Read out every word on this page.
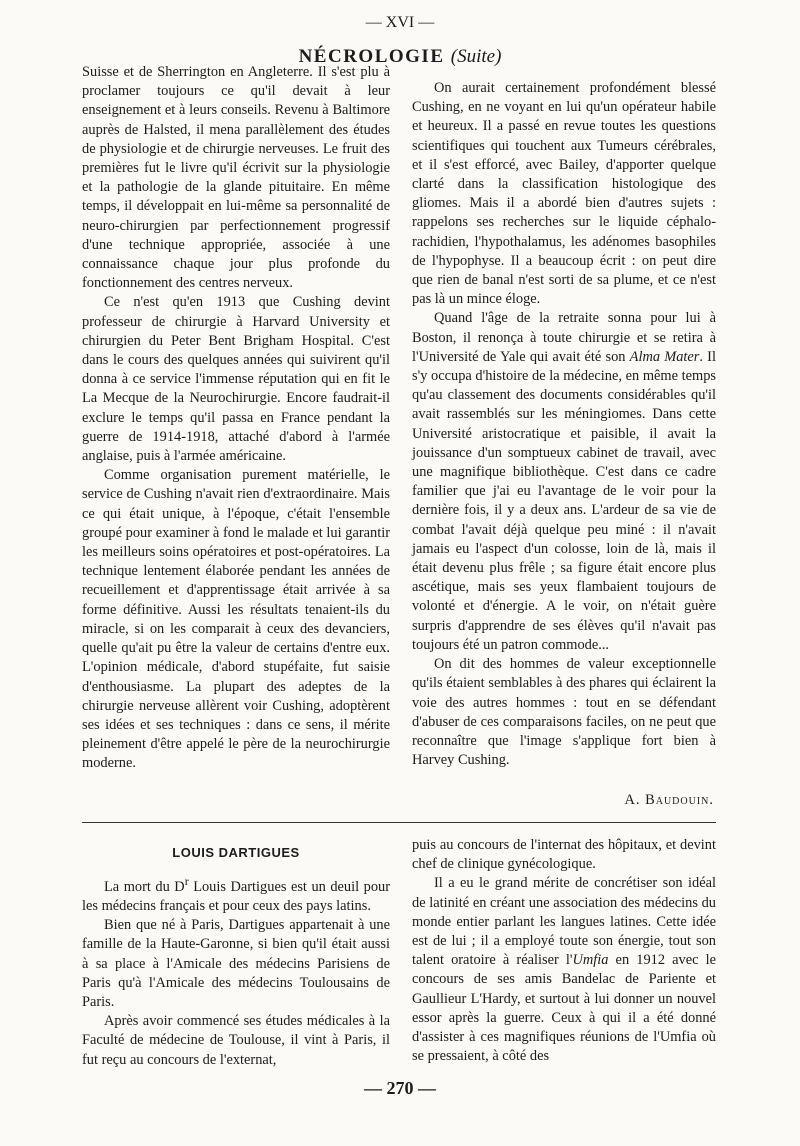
— XVI —
NÉCROLOGIE (Suite)

Suisse et de Sherrington en Angleterre. Il s'est plu à proclamer toujours ce qu'il devait à leur enseignement et à leurs conseils. Revenu à Baltimore auprès de Halsted, il mena parallèlement des études de physiologie et de chirurgie nerveuses. Le fruit des premières fut le livre qu'il écrivit sur la physiologie et la pathologie de la glande pituitaire. En même temps, il développait en lui-même sa personnalité de neuro-chirurgien par perfectionnement progressif d'une technique appropriée, associée à une connaissance chaque jour plus profonde du fonctionnement des centres nerveux.

Ce n'est qu'en 1913 que Cushing devint professeur de chirurgie à Harvard University et chirurgien du Peter Bent Brigham Hospital. C'est dans le cours des quelques années qui suivirent qu'il donna à ce service l'immense réputation qui en fit le La Mecque de la Neurochirurgie. Encore faudrait-il exclure le temps qu'il passa en France pendant la guerre de 1914-1918, attaché d'abord à l'armée anglaise, puis à l'armée américaine.

Comme organisation purement matérielle, le service de Cushing n'avait rien d'extraordinaire. Mais ce qui était unique, à l'époque, c'était l'ensemble groupé pour examiner à fond le malade et lui garantir les meilleurs soins opératoires et post-opératoires. La technique lentement élaborée pendant les années de recueillement et d'apprentissage était arrivée à sa forme définitive. Aussi les résultats tenaient-ils du miracle, si on les comparait à ceux des devanciers, quelle qu'ait pu être la valeur de certains d'entre eux. L'opinion médicale, d'abord stupéfaite, fut saisie d'enthousiasme. La plupart des adeptes de la chirurgie nerveuse allèrent voir Cushing, adoptèrent ses idées et ses techniques : dans ce sens, il mérite pleinement d'être appelé le père de la neurochirurgie moderne.

On aurait certainement profondément blessé Cushing, en ne voyant en lui qu'un opérateur habile et heureux. Il a passé en revue toutes les questions scientifiques qui touchent aux Tumeurs cérébrales, et il s'est efforcé, avec Bailey, d'apporter quelque clarté dans la classification histologique des gliomes. Mais il a abordé bien d'autres sujets : rappelons ses recherches sur le liquide céphalo-rachidien, l'hypothalamus, les adénomes basophiles de l'hypophyse. Il a beaucoup écrit : on peut dire que rien de banal n'est sorti de sa plume, et ce n'est pas là un mince éloge.

Quand l'âge de la retraite sonna pour lui à Boston, il renonça à toute chirurgie et se retira à l'Université de Yale qui avait été son Alma Mater. Il s'y occupa d'histoire de la médecine, en même temps qu'au classement des documents considérables qu'il avait rassemblés sur les méningiomes. Dans cette Université aristocratique et paisible, il avait la jouissance d'un somptueux cabinet de travail, avec une magnifique bibliothèque. C'est dans ce cadre familier que j'ai eu l'avantage de le voir pour la dernière fois, il y a deux ans. L'ardeur de sa vie de combat l'avait déjà quelque peu miné : il n'avait jamais eu l'aspect d'un colosse, loin de là, mais il était devenu plus frêle ; sa figure était encore plus ascétique, mais ses yeux flambaient toujours de volonté et d'énergie. A le voir, on n'était guère surpris d'apprendre de ses élèves qu'il n'avait pas toujours été un patron commode...

On dit des hommes de valeur exceptionnelle qu'ils étaient semblables à des phares qui éclairent la voie des autres hommes : tout en se défendant d'abuser de ces comparaisons faciles, on ne peut que reconnaître que l'image s'applique fort bien à Harvey Cushing.

A. Baudouin.
LOUIS DARTIGUES

La mort du $D^r$ Louis Dartigues est un deuil pour les médecins français et pour ceux des pays latins.

Bien que né à Paris, Dartigues appartenait à une famille de la Haute-Garonne, si bien qu'il était aussi à sa place à l'Amicale des médecins Parisiens de Paris qu'à l'Amicale des médecins Toulousains de Paris.

Après avoir commencé ses études médicales à la Faculté de médecine de Toulouse, il vint à Paris, il fut reçu au concours de l'externat,

puis au concours de l'internat des hôpitaux, et devint chef de clinique gynécologique.

Il a eu le grand mérite de concrétiser son idéal de latinité en créant une association des médecins du monde entier parlant les langues latines. Cette idée est de lui ; il a employé toute son énergie, tout son talent oratoire à réaliser l'Umfia en 1912 avec le concours de ses amis Bandelac de Pariente et Gaullieur L'Hardy, et surtout à lui donner un nouvel essor après la guerre. Ceux à qui il a été donné d'assister à ces magnifiques réunions de l'Umfia où se pressaient, à côté des

— 270 —
